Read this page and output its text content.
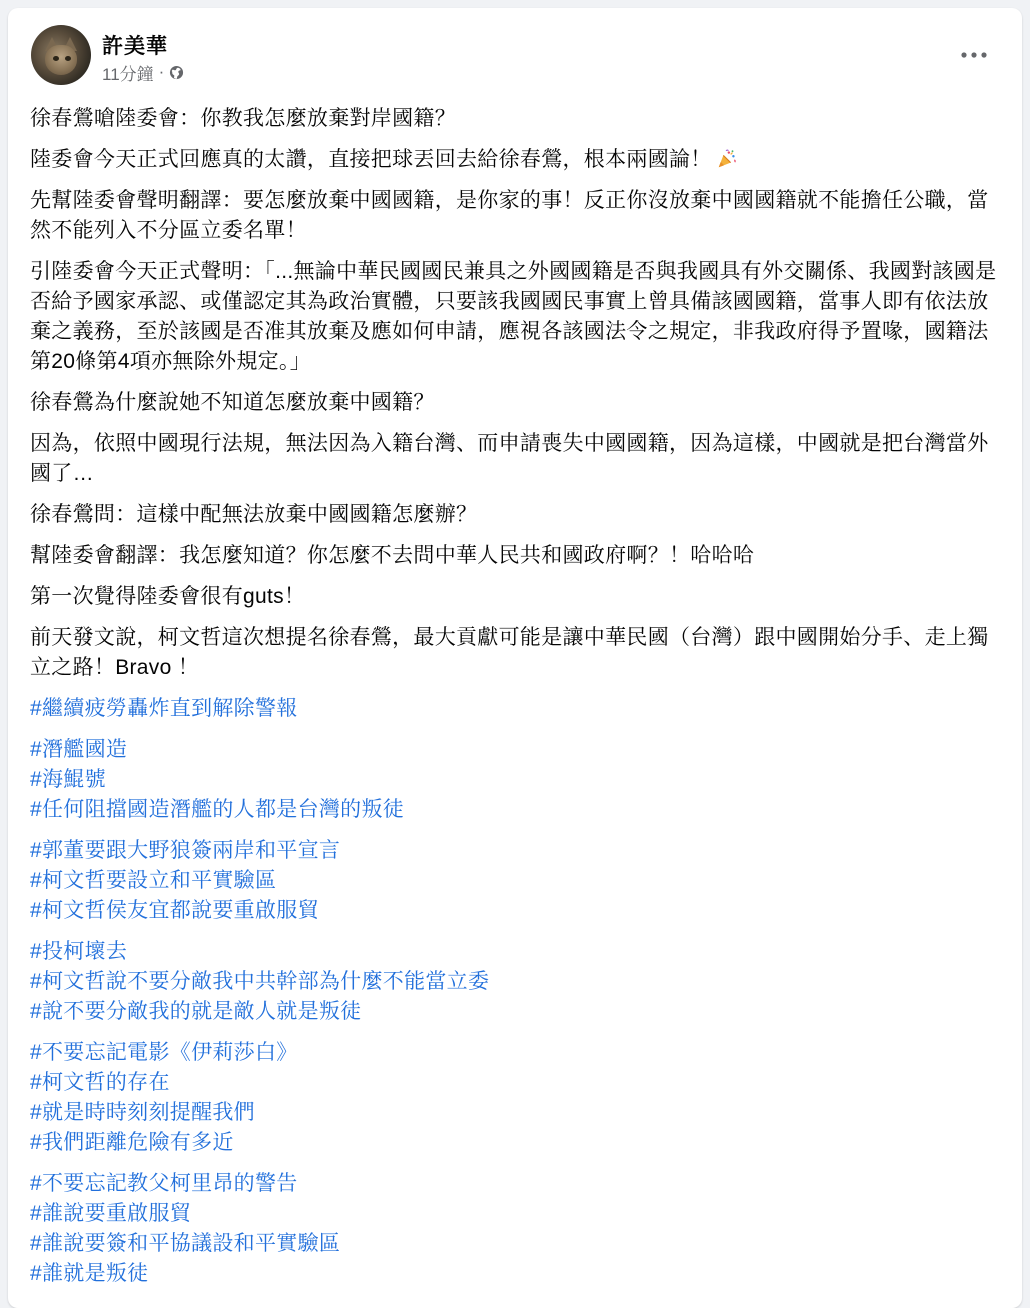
許美華
11分鐘 ·

徐春鶯嗆陸委會：你教我怎麼放棄對岸國籍？

陸委會今天正式回應真的太讚，直接把球丟回去給徐春鶯，根本兩國論！

先幫陸委會聲明翻譯：要怎麼放棄中國國籍，是你家的事！反正你沒放棄中國國籍就不能擔任公職，當然不能列入不分區立委名單！

引陸委會今天正式聲明：「...無論中華民國國民兼具之外國國籍是否與我國具有外交關係、我國對該國是否給予國家承認、或僅認定其為政治實體，只要該我國國民事實上曾具備該國國籍，當事人即有依法放棄之義務，至於該國是否准其放棄及應如何申請，應視各該國法令之規定，非我政府得予置喙，國籍法第20條第4項亦無除外規定。」

徐春鶯為什麼說她不知道怎麼放棄中國籍？

因為，依照中國現行法規，無法因為入籍台灣、而申請喪失中國國籍，因為這樣，中國就是把台灣當外國了…

徐春鶯問：這樣中配無法放棄中國國籍怎麼辦？

幫陸委會翻譯：我怎麼知道？你怎麼不去問中華人民共和國政府啊？！哈哈哈

第一次覺得陸委會很有guts！

前天發文說，柯文哲這次想提名徐春鶯，最大貢獻可能是讓中華民國（台灣）跟中國開始分手、走上獨立之路！Bravo ！

#繼續疲勞轟炸直到解除警報
#潛艦國造
#海鯤號
#任何阻擋國造潛艦的人都是台灣的叛徒
#郭董要跟大野狼簽兩岸和平宣言
#柯文哲要設立和平實驗區
#柯文哲侯友宜都說要重啟服貿
#投柯壞去
#柯文哲說不要分敵我中共幹部為什麼不能當立委
#說不要分敵我的就是敵人就是叛徒
#不要忘記電影《伊莉莎白》
#柯文哲的存在
#就是時時刻刻提醒我們
#我們距離危險有多近
#不要忘記教父柯里昂的警告
#誰說要重啟服貿
#誰說要簽和平協議設和平實驗區
#誰就是叛徒
